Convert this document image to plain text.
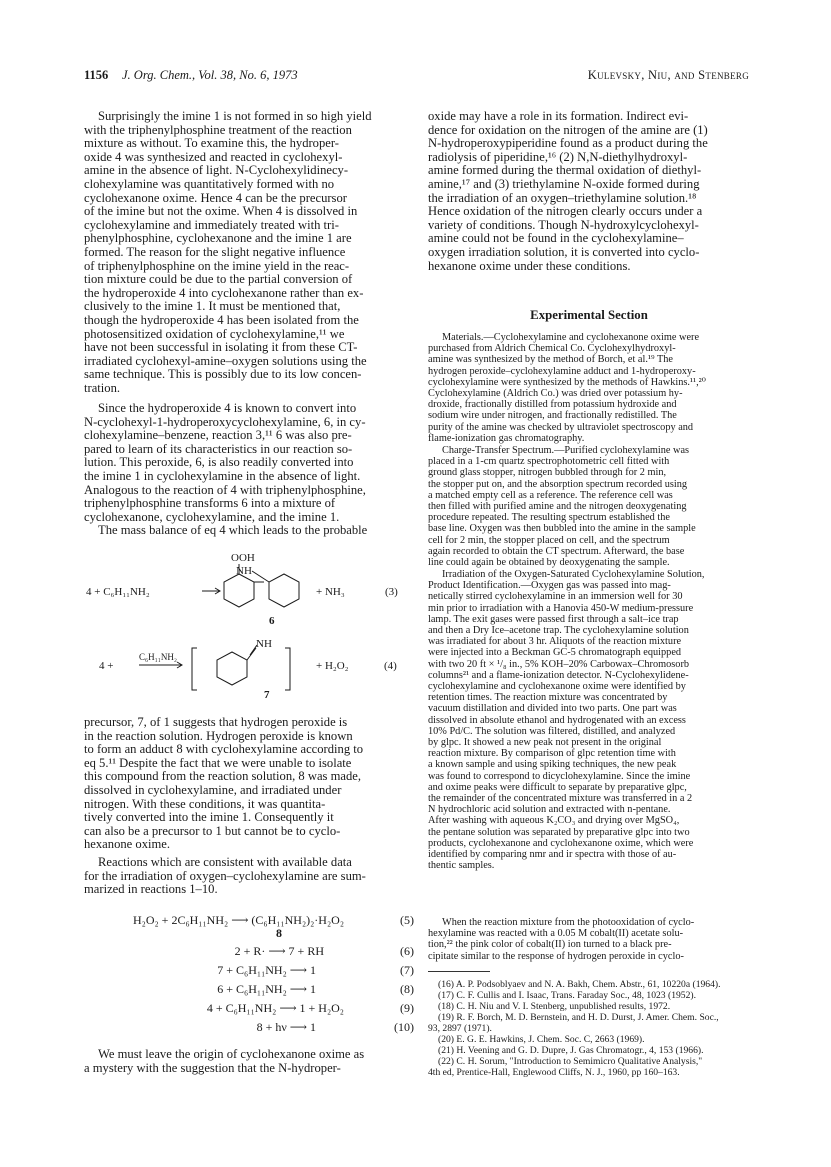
1156 J. Org. Chem., Vol. 38, No. 6, 1973	Kulevsky, Niu, and Stenberg

Surprisingly the imine 1 is not formed in so high yield
with the triphenylphosphine treatment of the reaction
mixture as without. To examine this, the hydroper-
oxide 4 was synthesized and reacted in cyclohexyl-
amine in the absence of light. N-Cyclohexylidinecy-
clohexylamine was quantitatively formed with no
cyclohexanone oxime. Hence 4 can be the precursor
of the imine but not the oxime. When 4 is dissolved in
cyclohexylamine and immediately treated with tri-
phenylphosphine, cyclohexanone and the imine 1 are
formed. The reason for the slight negative influence
of triphenylphosphine on the imine yield in the reac-
tion mixture could be due to the partial conversion of
the hydroperoxide 4 into cyclohexanone rather than ex-
clusively to the imine 1. It must be mentioned that,
though the hydroperoxide 4 has been isolated from the
photosensitized oxidation of cyclohexylamine,¹¹ we
have not been successful in isolating it from these CT-
irradiated cyclohexyl-amine–oxygen solutions using the
same technique. This is possibly due to its low concen-
tration.

Since the hydroperoxide 4 is known to convert into
N-cyclohexyl-1-hydroperoxycyclohexylamine, 6, in cy-
clohexylamine–benzene, reaction 3,¹¹ 6 was also pre-
pared to learn of its characteristics in our reaction so-
lution. This peroxide, 6, is also readily converted into
the imine 1 in cyclohexylamine in the absence of light.
Analogous to the reaction of 4 with triphenylphosphine,
triphenylphosphine transforms 6 into a mixture of
cyclohexanone, cyclohexylamine, and the imine 1.

The mass balance of eq 4 which leads to the probable

4 + C₆H₁₁NH₂	+ NH₃	(3)
OOH
NH
6
4 +
C₆H₁₁NH₂
+ H₂O₂	(4)
NH
7

precursor, 7, of 1 suggests that hydrogen peroxide is
in the reaction solution. Hydrogen peroxide is known
to form an adduct 8 with cyclohexylamine according to
eq 5.¹¹ Despite the fact that we were unable to isolate
this compound from the reaction solution, 8 was made,
dissolved in cyclohexylamine, and irradiated under
nitrogen. With these conditions, it was quantita-
tively converted into the imine 1. Consequently it
can also be a precursor to 1 but cannot be to cyclo-
hexanone oxime.

Reactions which are consistent with available data
for the irradiation of oxygen–cyclohexylamine are sum-
marized in reactions 1–10.

H₂O₂ + 2C₆H₁₁NH₂ ⟶ (C₆H₁₁NH₂)₂·H₂O₂	(5)
8
2 + R· ⟶ 7 + RH	(6)
7 + C₆H₁₁NH₂ ⟶ 1	(7)
6 + C₆H₁₁NH₂ ⟶ 1	(8)
4 + C₆H₁₁NH₂ ⟶ 1 + H₂O₂	(9)
8 + hν ⟶ 1	(10)

We must leave the origin of cyclohexanone oxime as
a mystery with the suggestion that the N-hydroper-

oxide may have a role in its formation. Indirect evi-
dence for oxidation on the nitrogen of the amine are (1)
N-hydroperoxypiperidine found as a product during the
radiolysis of piperidine,¹⁶ (2) N,N-diethylhydroxyl-
amine formed during the thermal oxidation of diethyl-
amine,¹⁷ and (3) triethylamine N-oxide formed during
the irradiation of an oxygen–triethylamine solution.¹⁸
Hence oxidation of the nitrogen clearly occurs under a
variety of conditions. Though N-hydroxylcyclohexyl-
amine could not be found in the cyclohexylamine–
oxygen irradiation solution, it is converted into cyclo-
hexanone oxime under these conditions.

Experimental Section

Materials.—Cyclohexylamine and cyclohexanone oxime were
purchased from Aldrich Chemical Co. Cyclohexylhydroxyl-
amine was synthesized by the method of Borch, et al.¹⁹ The
hydrogen peroxide–cyclohexylamine adduct and 1-hydroperoxy-
cyclohexylamine were synthesized by the methods of Hawkins.¹¹,²⁰
Cyclohexylamine (Aldrich Co.) was dried over potassium hy-
droxide, fractionally distilled from potassium hydroxide and
sodium wire under nitrogen, and fractionally redistilled. The
purity of the amine was checked by ultraviolet spectroscopy and
flame-ionization gas chromatography.

Charge-Transfer Spectrum.—Purified cyclohexylamine was
placed in a 1-cm quartz spectrophotometric cell fitted with
ground glass stopper, nitrogen bubbled through for 2 min,
the stopper put on, and the absorption spectrum recorded using
a matched empty cell as a reference. The reference cell was
then filled with purified amine and the nitrogen deoxygenating
procedure repeated. The resulting spectrum established the
base line. Oxygen was then bubbled into the amine in the sample
cell for 2 min, the stopper placed on cell, and the spectrum
again recorded to obtain the CT spectrum. Afterward, the base
line could again be obtained by deoxygenating the sample.

Irradiation of the Oxygen-Saturated Cyclohexylamine Solution,
Product Identification.—Oxygen gas was passed into mag-
netically stirred cyclohexylamine in an immersion well for 30
min prior to irradiation with a Hanovia 450-W medium-pressure
lamp. The exit gases were passed first through a salt–ice trap
and then a Dry Ice–acetone trap. The cyclohexylamine solution
was irradiated for about 3 hr. Aliquots of the reaction mixture
were injected into a Beckman GC-5 chromatograph equipped
with two 20 ft × ¹/₈ in., 5% KOH–20% Carbowax–Chromosorb
columns²¹ and a flame-ionization detector. N-Cyclohexylidene-
cyclohexylamine and cyclohexanone oxime were identified by
retention times. The reaction mixture was concentrated by
vacuum distillation and divided into two parts. One part was
dissolved in absolute ethanol and hydrogenated with an excess
10% Pd/C. The solution was filtered, distilled, and analyzed
by glpc. It showed a new peak not present in the original
reaction mixture. By comparison of glpc retention time with
a known sample and using spiking techniques, the new peak
was found to correspond to dicyclohexylamine. Since the imine
and oxime peaks were difficult to separate by preparative glpc,
the remainder of the concentrated mixture was transferred in a 2
N hydrochloric acid solution and extracted with n-pentane.
After washing with aqueous K₂CO₃ and drying over MgSO₄,
the pentane solution was separated by preparative glpc into two
products, cyclohexanone and cyclohexanone oxime, which were
identified by comparing nmr and ir spectra with those of au-
thentic samples.

When the reaction mixture from the photooxidation of cyclo-
hexylamine was reacted with a 0.05 M cobalt(II) acetate solu-
tion,²² the pink color of cobalt(II) ion turned to a black pre-
cipitate similar to the response of hydrogen peroxide in cyclo-

(16) A. P. Podsoblyaev and N. A. Bakh, Chem. Abstr., 61, 10220a (1964).
(17) C. F. Cullis and I. Isaac, Trans. Faraday Soc., 48, 1023 (1952).
(18) C. H. Niu and V. I. Stenberg, unpublished results, 1972.
(19) R. F. Borch, M. D. Bernstein, and H. D. Durst, J. Amer. Chem. Soc.,
93, 2897 (1971).
(20) E. G. E. Hawkins, J. Chem. Soc. C, 2663 (1969).
(21) H. Veening and G. D. Dupre, J. Gas Chromatogr., 4, 153 (1966).
(22) C. H. Sorum, "Introduction to Semimicro Qualitative Analysis,"
4th ed, Prentice-Hall, Englewood Cliffs, N. J., 1960, pp 160–163.
